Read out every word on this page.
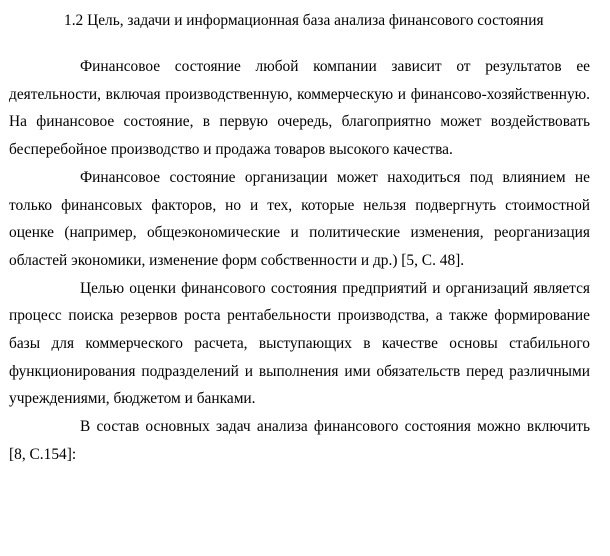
1.2 Цель, задачи и информационная база анализа финансового состояния

Финансовое состояние любой компании зависит от результатов ее деятельности, включая производственную, коммерческую и финансово-хозяйственную. На финансовое состояние, в первую очередь, благоприятно может воздействовать бесперебойное производство и продажа товаров высокого качества.

Финансовое состояние организации может находиться под влиянием не только финансовых факторов, но и тех, которые нельзя подвергнуть стоимостной оценке (например, общеэкономические и политические изменения, реорганизация областей экономики, изменение форм собственности и др.) [5, С. 48].

Целью оценки финансового состояния предприятий и организаций является процесс поиска резервов роста рентабельности производства, а также формирование базы для коммерческого расчета, выступающих в качестве основы стабильного функционирования подразделений и выполнения ими обязательств перед различными учреждениями, бюджетом и банками.

В состав основных задач анализа финансового состояния можно включить [8, С.154]:
